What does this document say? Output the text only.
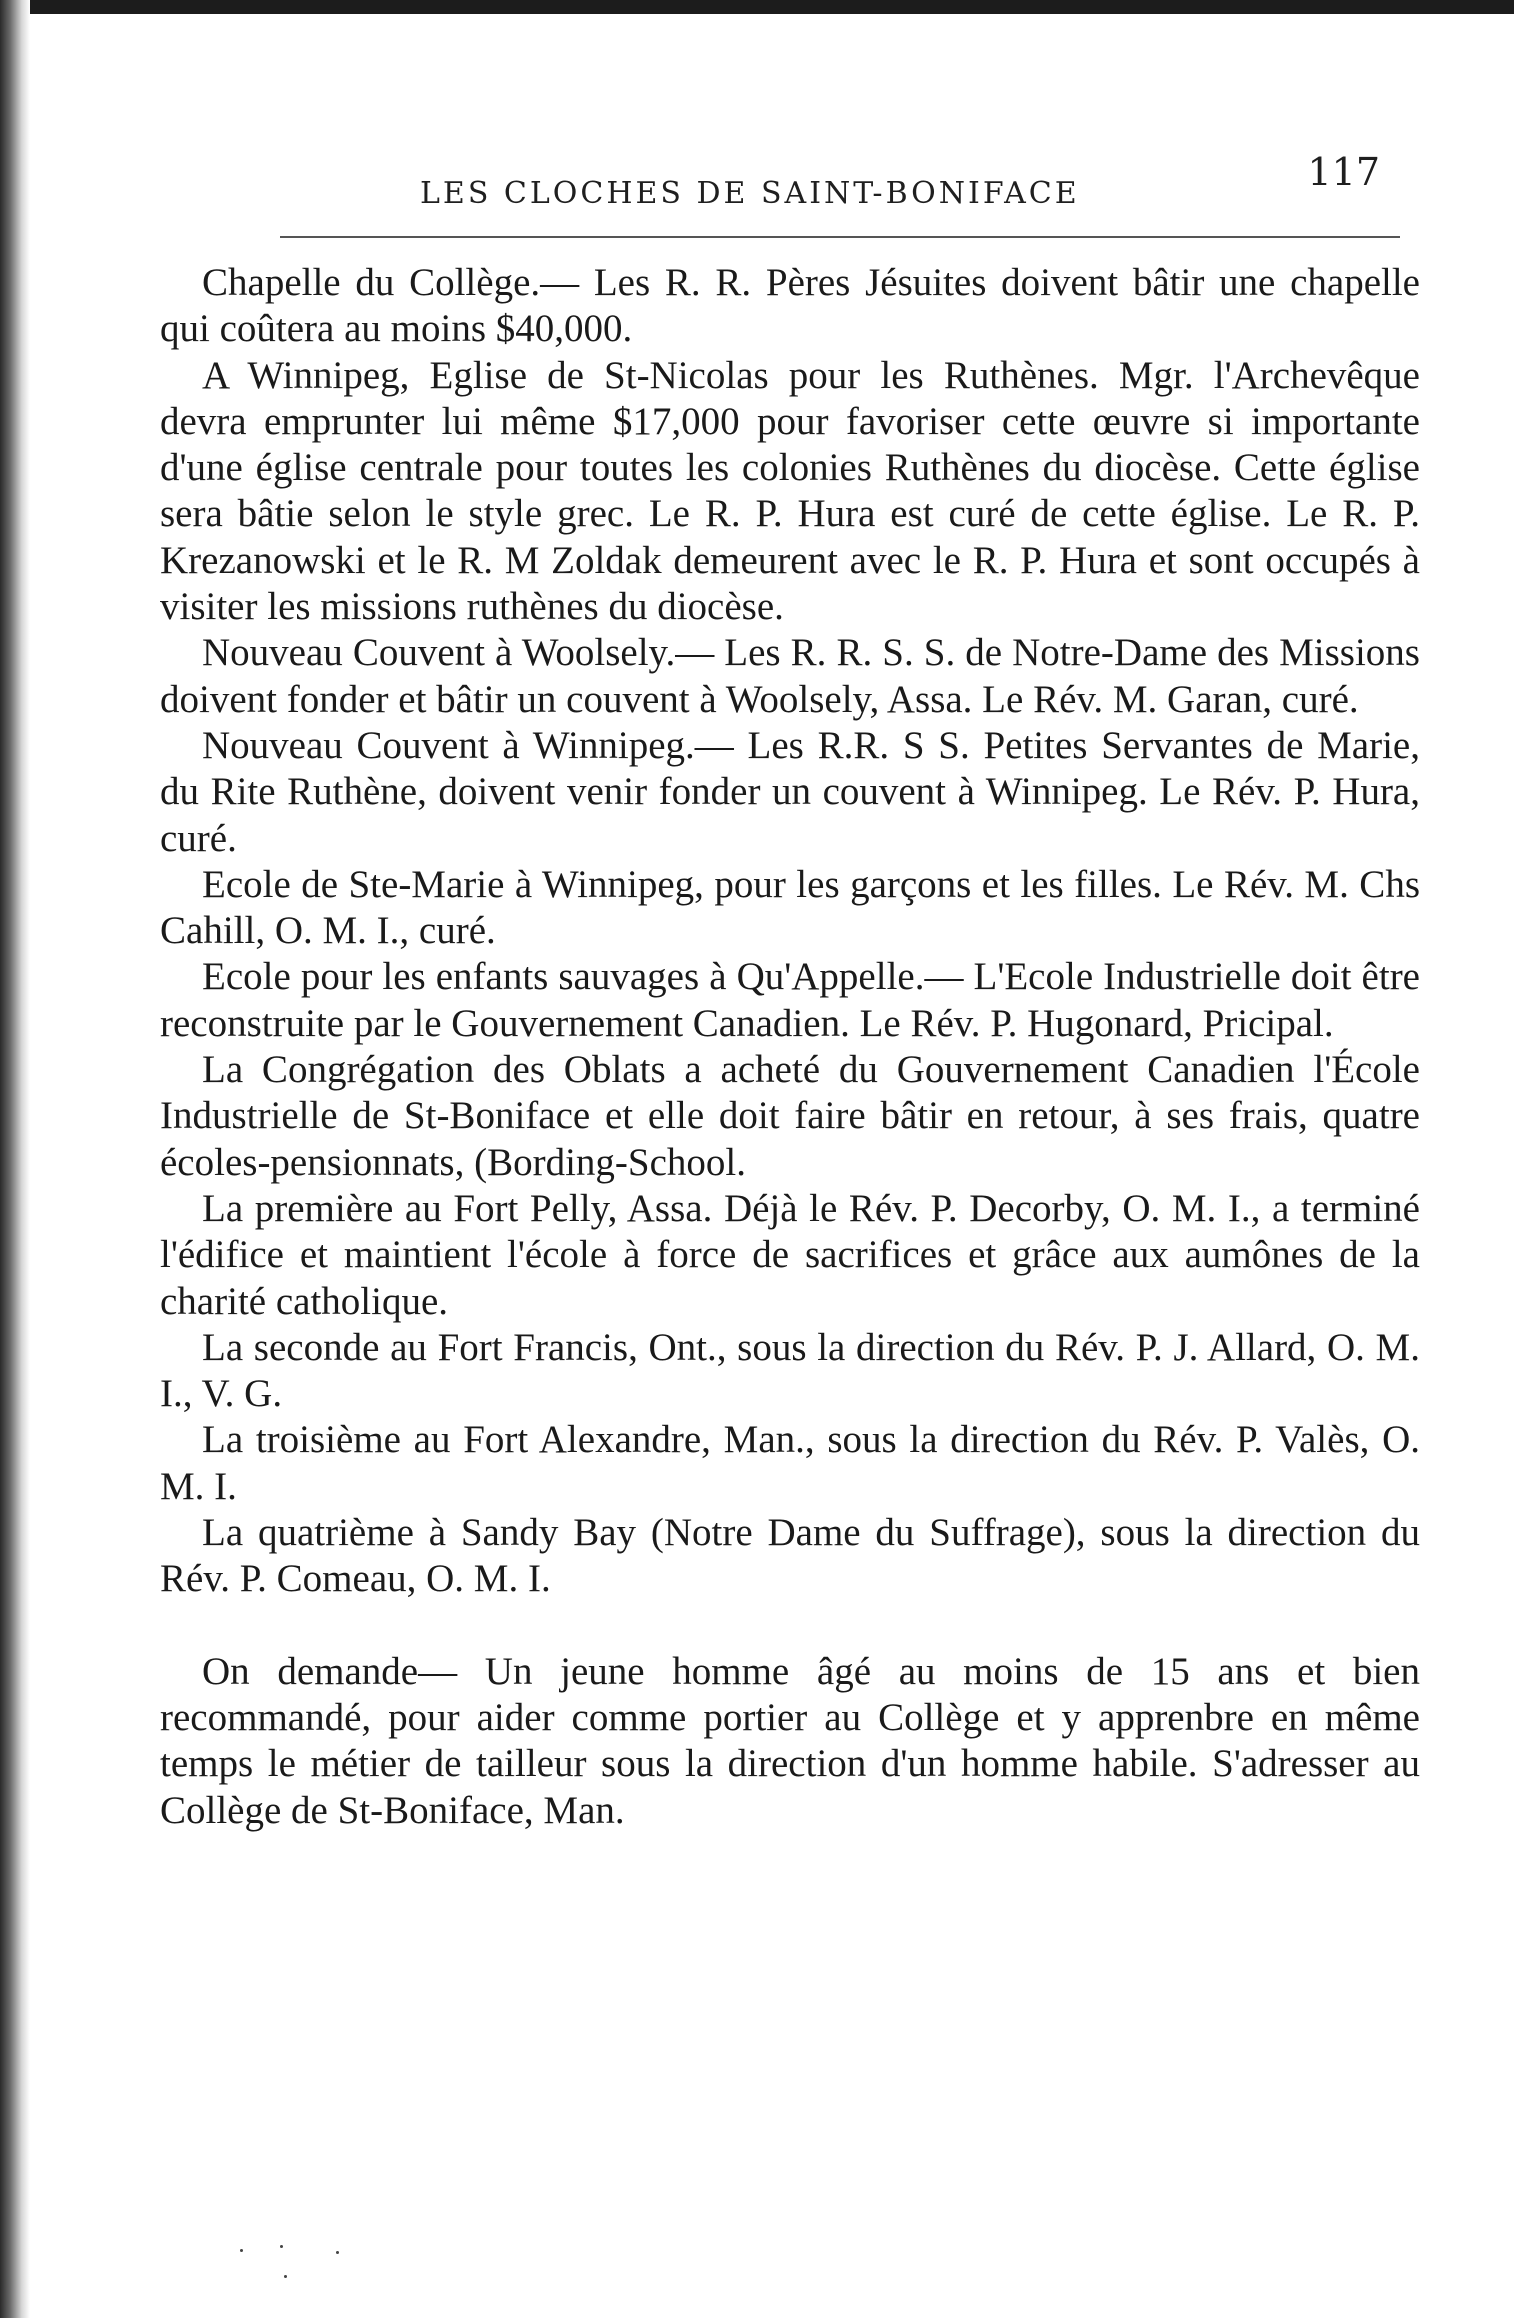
LES CLOCHES DE SAINT-BONIFACE	117

Chapelle du Collège.— Les R. R. Pères Jésuites doivent bâtir une chapelle qui coûtera au moins $40,000.

A Winnipeg, Eglise de St-Nicolas pour les Ruthènes. Mgr. l'Archevêque devra emprunter lui même $17,000 pour favoriser cette œuvre si importante d'une église centrale pour toutes les colonies Ruthènes du diocèse. Cette église sera bâtie selon le style grec. Le R. P. Hura est curé de cette église. Le R. P. Krezanowski et le R. M Zoldak demeurent avec le R. P. Hura et sont occupés à visiter les missions ruthènes du diocèse.

Nouveau Couvent à Woolsely.— Les R. R. S. S. de Notre-Dame des Missions doivent fonder et bâtir un couvent à Woolsely, Assa. Le Rév. M. Garan, curé.

Nouveau Couvent à Winnipeg.— Les R.R. S S. Petites Servantes de Marie, du Rite Ruthène, doivent venir fonder un couvent à Winnipeg. Le Rév. P. Hura, curé.

Ecole de Ste-Marie à Winnipeg, pour les garçons et les filles. Le Rév. M. Chs Cahill, O. M. I., curé.

Ecole pour les enfants sauvages à Qu'Appelle.— L'Ecole Industrielle doit être reconstruite par le Gouvernement Canadien. Le Rév. P. Hugonard, Pricipal.

La Congrégation des Oblats a acheté du Gouvernement Canadien l'École Industrielle de St-Boniface et elle doit faire bâtir en retour, à ses frais, quatre écoles-pensionnats, (Bording-School.

La première au Fort Pelly, Assa. Déjà le Rév. P. Decorby, O. M. I., a terminé l'édifice et maintient l'école à force de sacrifices et grâce aux aumônes de la charité catholique.

La seconde au Fort Francis, Ont., sous la direction du Rév. P. J. Allard, O. M. I., V. G.

La troisième au Fort Alexandre, Man., sous la direction du Rév. P. Valès, O. M. I.

La quatrième à Sandy Bay (Notre Dame du Suffrage), sous la direction du Rév. P. Comeau, O. M. I.

On demande— Un jeune homme âgé au moins de 15 ans et bien recommandé, pour aider comme portier au Collège et y apprenbre en même temps le métier de tailleur sous la direction d'un homme habile. S'adresser au Collège de St-Boniface, Man.
